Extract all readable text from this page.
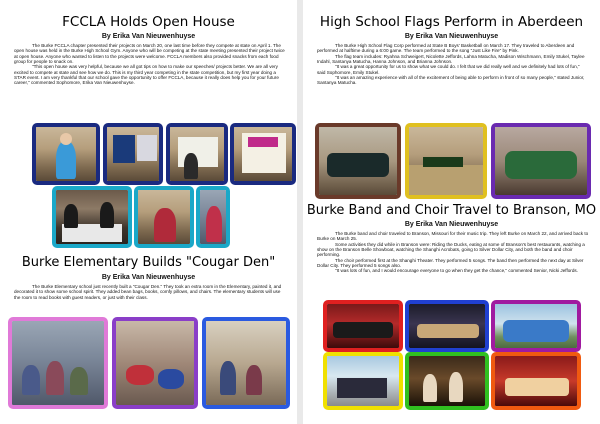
FCCLA Holds Open House
By Erika Van Nieuwenhuyse

The Burke FCCLA chapter presented their projects on March 20, one last time before they compete at state on April 1. The open house was held in the Burke High School Gym. Anyone who will be competing at the state meeting presented their project twice at open house. Anyone who wanted to listen to the projects were welcome. FCCLA members also provided snacks from each food group for people to snack on.

"This open house was very helpful, because we all got tips on how to make our speeches/ projects better. We are all very excited to compete at state and see how we do. This is my third year competing in the state competition, but my first year doing a STAR event. I am very thankful that our school gave the opportunity to offer FCCLA, because it really does help you for your future career," commented Sophomore, Erika Van Nieuwenhuyse.

Burke Elementary Builds "Cougar Den"
By Erika Van Nieuwenhuyse

The Burke Elementary school just recently built a "Cougar Den." They took an extra room in the Elementary, painted it, and decorated it to show some school spirit. They added bean bags, books, comfy pillows, and chairs. The elementary students will use the room to read books with guest readers, or just with their class.

High School Flags Perform in Aberdeen
By Erika Van Nieuwenhuyse

The Burke High School Flag Corp performed at State B Boys' Basketball on March 17. They traveled to Aberdeen and performed at halftime during a 6:00 game. The team performed to the song "Just Like Fire" by Pink.

The flag team includes: Ryahna Schweigert, Nicolette Jeffords, Lahna Matucha, Madison Wischmann, Emily Stukel, Taylee Indahl, Santanya Matucha, Hanna Johnson, and Brianna Johnson.

"It was a great opportunity for us to show what we could do. I felt that we did really well and we definitely had lots of fun," said Sophomore, Emily Stukel.

"It was an amazing experience with all of the excitement of being able to perform in front of so many people," stated Junior, Santanya Matucha.

Burke Band and Choir Travel to Branson, MO
By Erika Van Nieuwenhuyse

The Burke band and choir traveled to Branson, Missouri for their music trip. They left Burke on March 22, and arrived back to Burke on March 25.

Some activities they did while in Branson were: Riding the Ducks, eating at some of Branson's best restaurants, watching a show on the Branson Belle Showboat, watching the Shanghi Acrobats, going to Silver Dollar City, and both the band and choir performing.

The choir performed first at the Shanghi Theater. They performed 5 songs. The band then performed the next day at Silver Dollar City. They performed 5 songs also.

"It was lots of fun, and I would encourage everyone to go when they get the chance," commented Senior, Nicki Jeffords.
